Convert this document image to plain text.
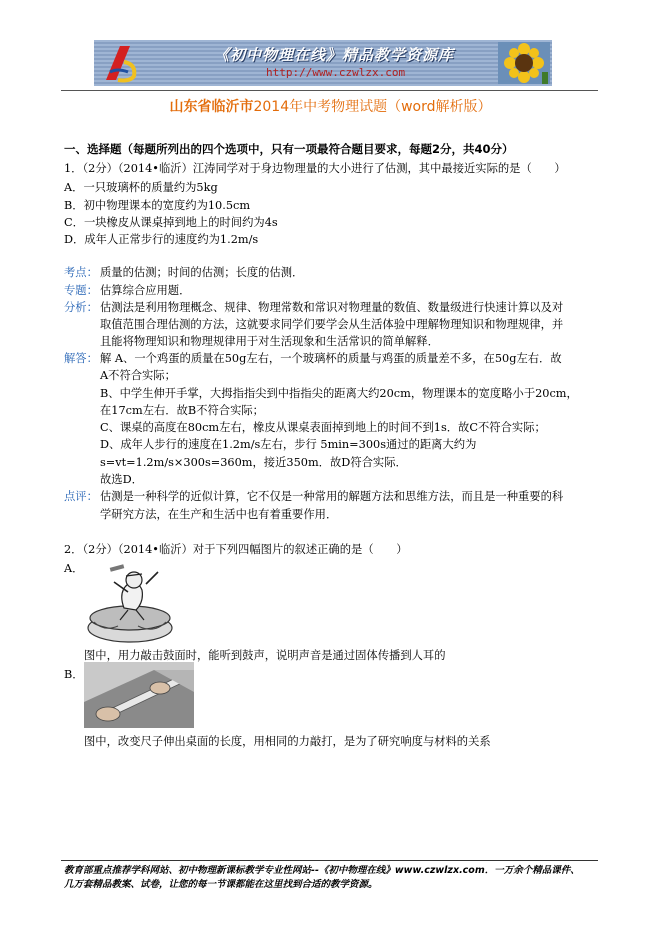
《初中物理在线》精品教学资源库
http://www.czwlzx.com
山东省临沂市2014年中考物理试题（word解析版）
一、选择题（每题所列出的四个选项中，只有一项最符合题目要求，每题2分，共40分）
1．（2分）（2014•临沂）江涛同学对于身边物理量的大小进行了估测，其中最接近实际的是（　　）
A．一只玻璃杯的质量约为5kg
B．初中物理课本的宽度约为10.5cm
C．一块橡皮从课桌掉到地上的时间约为4s
D．成年人正常步行的速度约为1.2m/s
考点： 质量的估测；时间的估测；长度的估测．
专题： 估算综合应用题．
分析： 估测法是利用物理概念、规律、物理常数和常识对物理量的数值、数量级进行快速计算以及对
取值范围合理估测的方法，这就要求同学们要学会从生活体验中理解物理知识和物理规律，并
且能将物理知识和物理规律用于对生活现象和生活常识的简单解释．
解答： 解 A、一个鸡蛋的质量在50g左右，一个玻璃杯的质量与鸡蛋的质量差不多，在50g左右．故
A不符合实际；
B、中学生伸开手掌，大拇指指尖到中指指尖的距离大约20cm，物理课本的宽度略小于20cm，
在17cm左右．故B不符合实际；
C、课桌的高度在80cm左右，橡皮从课桌表面掉到地上的时间不到1s．故C不符合实际；
D、成年人步行的速度在1.2m/s左右，步行 5min=300s通过的距离大约为
s=vt=1.2m/s×300s=360m，接近350m．故D符合实际．
故选D．
点评： 估测是一种科学的近似计算，它不仅是一种常用的解题方法和思维方法，而且是一种重要的科
学研究方法，在生产和生活中也有着重要作用．
2．（2分）（2014•临沂）对于下列四幅图片的叙述正确的是（　　）
A．
图中，用力敲击鼓面时，能听到鼓声，说明声音是通过固体传播到人耳的
B．
图中，改变尺子伸出桌面的长度，用相同的力敲打，是为了研究响度与材料的关系
教育部重点推荐学科网站、初中物理新课标教学专业性网站--《初中物理在线》www.czwlzx.com．一万余个精品课件、
几万套精品教案、试卷，让您的每一节课都能在这里找到合适的教学资源。
